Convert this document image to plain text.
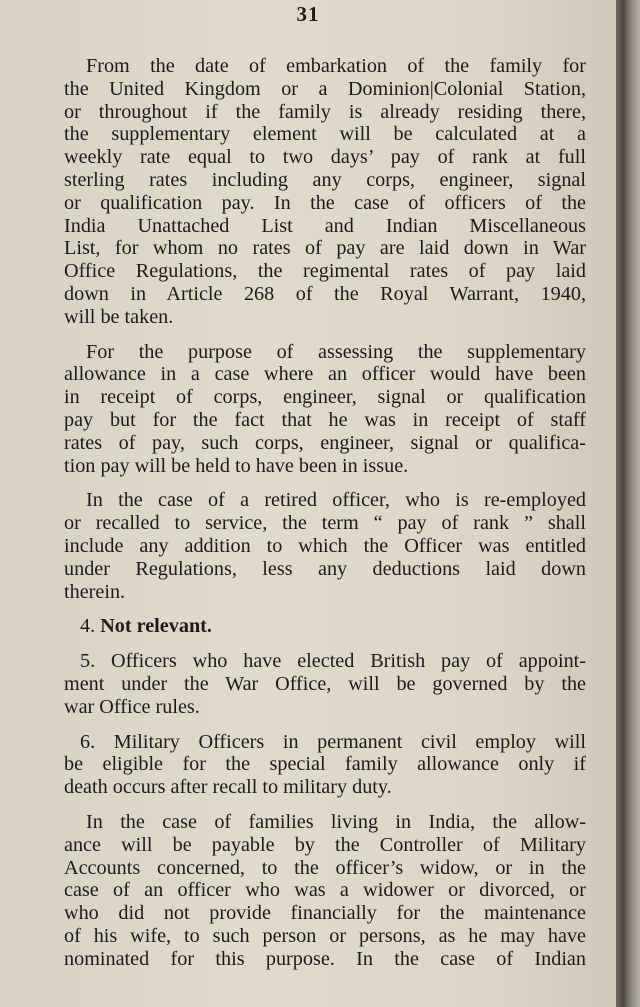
31
From the date of embarkation of the family for
the United Kingdom or a Dominion|Colonial Station,
or throughout if the family is already residing there,
the supplementary element will be calculated at a
weekly rate equal to two days’ pay of rank at full
sterling rates including any corps, engineer, signal
or qualification pay. In the case of officers of the
India Unattached List and Indian Miscellaneous
List, for whom no rates of pay are laid down in War
Office Regulations, the regimental rates of pay laid
down in Article 268 of the Royal Warrant, 1940,
will be taken.
For the purpose of assessing the supplementary
allowance in a case where an officer would have been
in receipt of corps, engineer, signal or qualification
pay but for the fact that he was in receipt of staff
rates of pay, such corps, engineer, signal or qualifica-
tion pay will be held to have been in issue.
In the case of a retired officer, who is re-employed
or recalled to service, the term “ pay of rank ” shall
include any addition to which the Officer was entitled
under Regulations, less any deductions laid down
therein.
4. Not relevant.
5. Officers who have elected British pay of appoint-
ment under the War Office, will be governed by the
war Office rules.
6. Military Officers in permanent civil employ will
be eligible for the special family allowance only if
death occurs after recall to military duty.
In the case of families living in India, the allow-
ance will be payable by the Controller of Military
Accounts concerned, to the officer’s widow, or in the
case of an officer who was a widower or divorced, or
who did not provide financially for the maintenance
of his wife, to such person or persons, as he may have
nominated for this purpose. In the case of Indian
